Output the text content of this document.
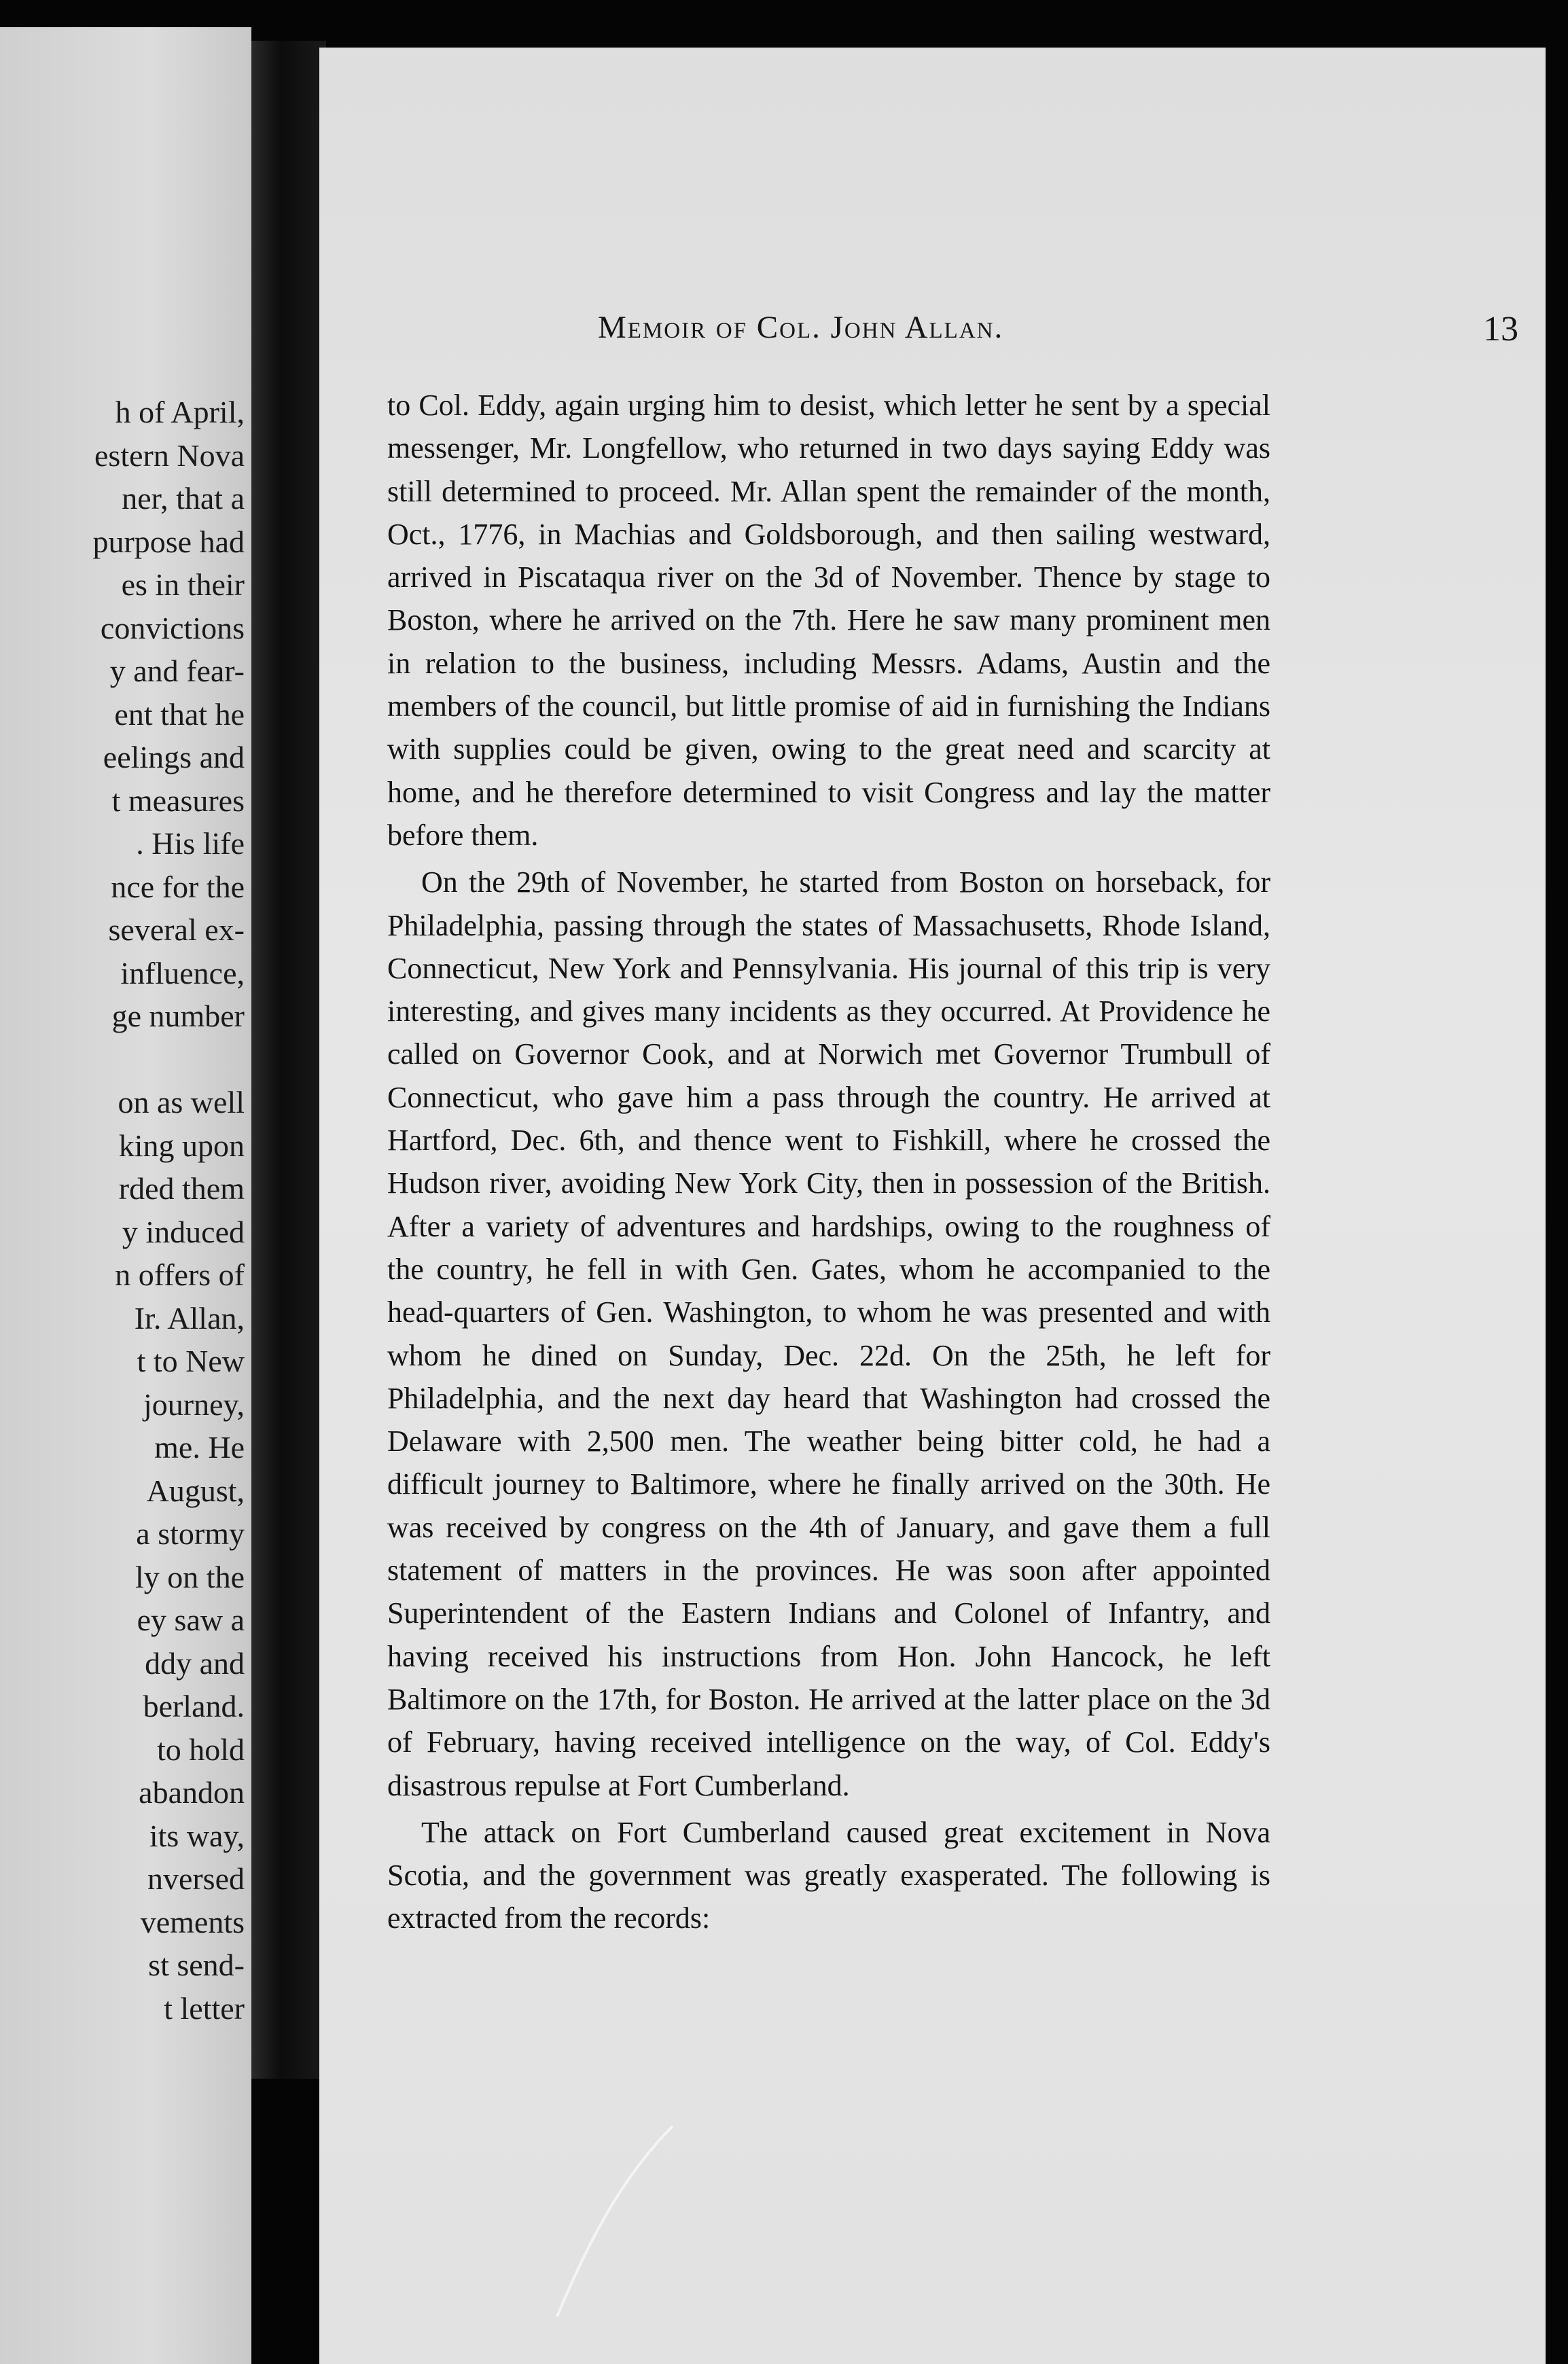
h of April,
estern Nova
ner, that a
purpose had
es in their
convictions
y and fear-
ent that he
eelings and
t measures
. His life
nce for the
several ex-
influence,
ge number
on as well
king upon
rded them
y induced
n offers of
Ir. Allan,
t to New
journey,
me. He
August,
a stormy
ly on the
ey saw a
ddy and
berland.
to hold
abandon
its way,
nversed
vements
st send-
t letter
Memoir of Col. John Allan.	13

to Col. Eddy, again urging him to desist, which letter he sent by a special messenger, Mr. Longfellow, who returned in two days saying Eddy was still determined to proceed. Mr. Allan spent the remainder of the month, Oct., 1776, in Machias and Goldsborough, and then sailing westward, arrived in Piscataqua river on the 3d of November. Thence by stage to Boston, where he arrived on the 7th. Here he saw many prominent men in relation to the business, including Messrs. Adams, Austin and the members of the council, but little promise of aid in furnishing the Indians with supplies could be given, owing to the great need and scarcity at home, and he therefore determined to visit Congress and lay the matter before them.

On the 29th of November, he started from Boston on horseback, for Philadelphia, passing through the states of Massachusetts, Rhode Island, Connecticut, New York and Pennsylvania. His journal of this trip is very interesting, and gives many incidents as they occurred. At Providence he called on Governor Cook, and at Norwich met Governor Trumbull of Connecticut, who gave him a pass through the country. He arrived at Hartford, Dec. 6th, and thence went to Fishkill, where he crossed the Hudson river, avoiding New York City, then in possession of the British. After a variety of adventures and hardships, owing to the roughness of the country, he fell in with Gen. Gates, whom he accompanied to the head-quarters of Gen. Washington, to whom he was presented and with whom he dined on Sunday, Dec. 22d. On the 25th, he left for Philadelphia, and the next day heard that Washington had crossed the Delaware with 2,500 men. The weather being bitter cold, he had a difficult journey to Baltimore, where he finally arrived on the 30th. He was received by congress on the 4th of January, and gave them a full statement of matters in the provinces. He was soon after appointed Superintendent of the Eastern Indians and Colonel of Infantry, and having received his instructions from Hon. John Hancock, he left Baltimore on the 17th, for Boston. He arrived at the latter place on the 3d of February, having received intelligence on the way, of Col. Eddy's disastrous repulse at Fort Cumberland.

The attack on Fort Cumberland caused great excitement in Nova Scotia, and the government was greatly exasperated. The following is extracted from the records:
